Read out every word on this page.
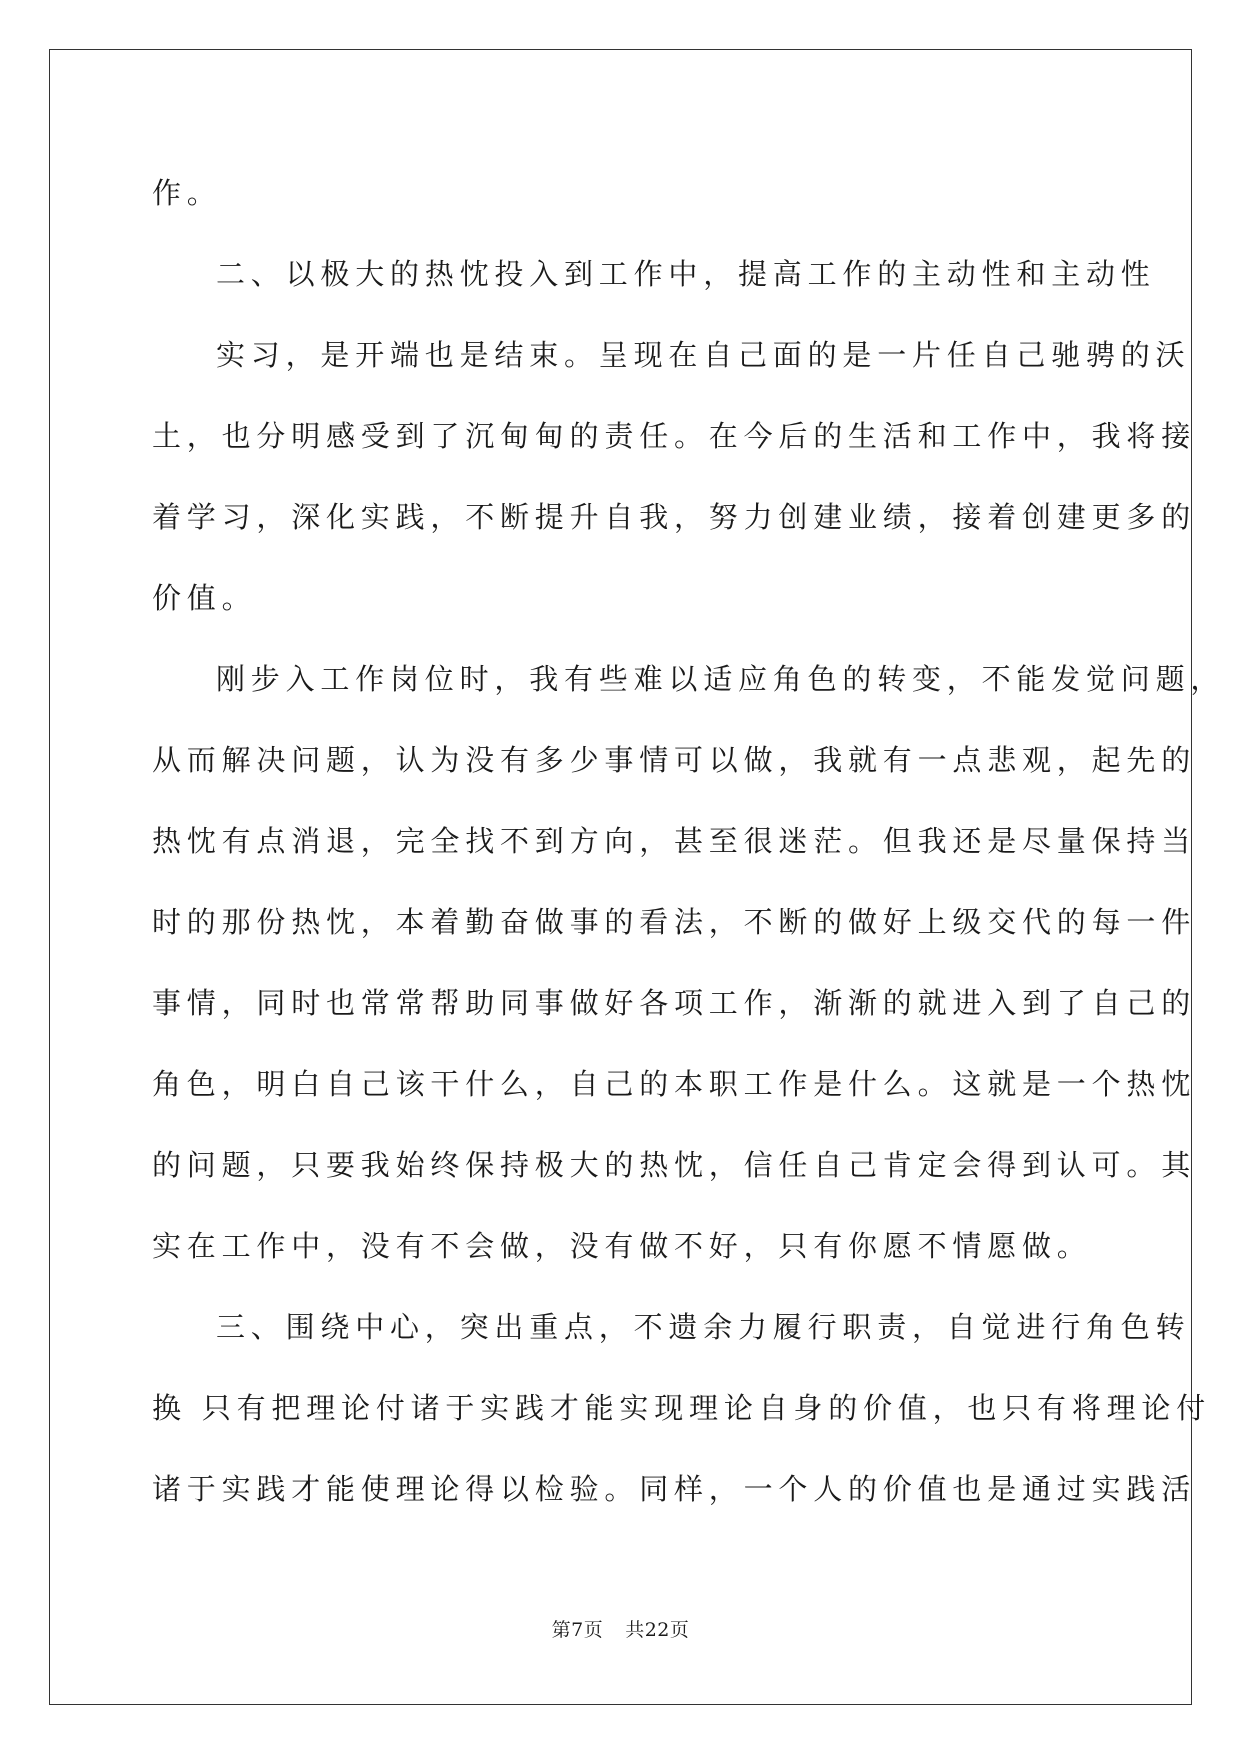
作。
二、以极大的热忱投入到工作中，提高工作的主动性和主动性
实习，是开端也是结束。呈现在自己面的是一片任自己驰骋的沃
土，也分明感受到了沉甸甸的责任。在今后的生活和工作中，我将接
着学习，深化实践，不断提升自我，努力创建业绩，接着创建更多的
价值。
刚步入工作岗位时，我有些难以适应角色的转变，不能发觉问题，
从而解决问题，认为没有多少事情可以做，我就有一点悲观，起先的
热忱有点消退，完全找不到方向，甚至很迷茫。但我还是尽量保持当
时的那份热忱，本着勤奋做事的看法，不断的做好上级交代的每一件
事情，同时也常常帮助同事做好各项工作，渐渐的就进入到了自己的
角色，明白自己该干什么，自己的本职工作是什么。这就是一个热忱
的问题，只要我始终保持极大的热忱，信任自己肯定会得到认可。其
实在工作中，没有不会做，没有做不好，只有你愿不情愿做。
三、围绕中心，突出重点，不遗余力履行职责，自觉进行角色转
换 只有把理论付诸于实践才能实现理论自身的价值，也只有将理论付
诸于实践才能使理论得以检验。同样，一个人的价值也是通过实践活
第7页 共22页
